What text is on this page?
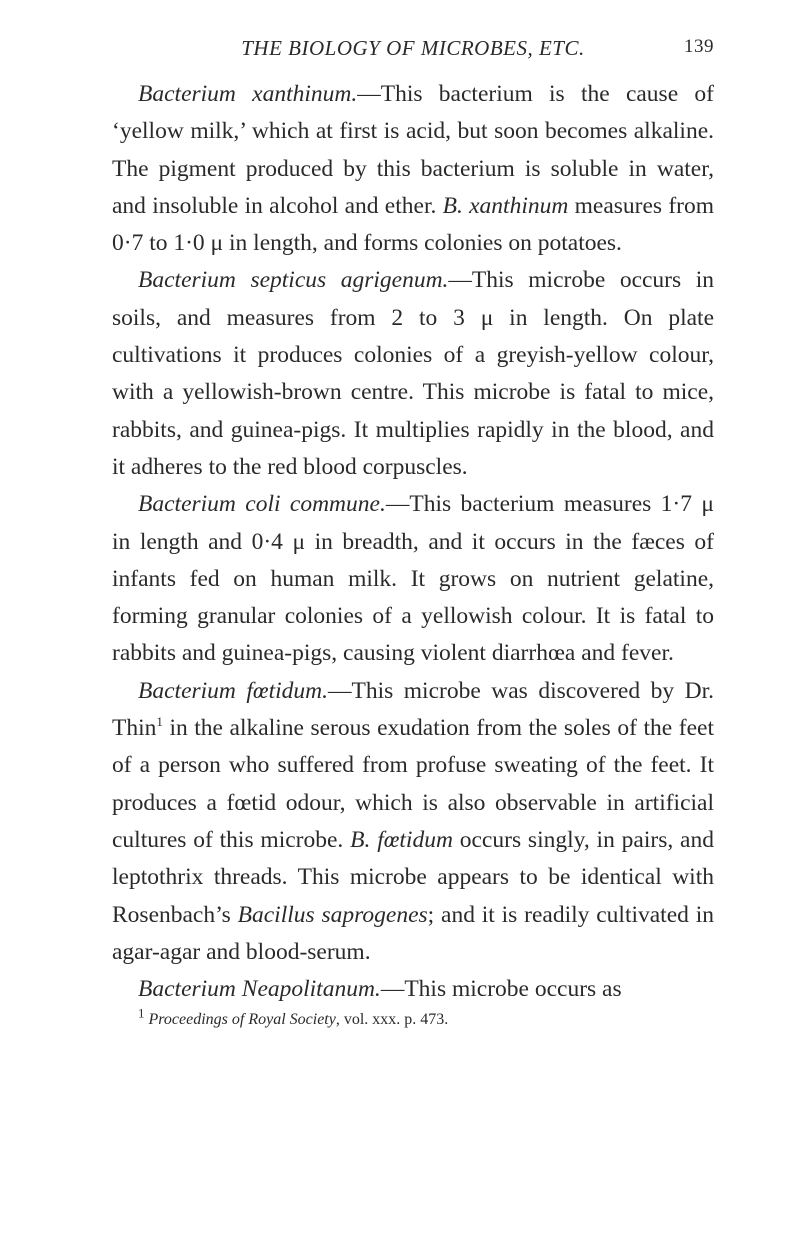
THE BIOLOGY OF MICROBES, ETC.	139

Bacterium xanthinum.—This bacterium is the cause of ‘yellow milk,’ which at first is acid, but soon becomes alkaline. The pigment produced by this bacterium is soluble in water, and insoluble in alcohol and ether. B. xanthinum measures from 0·7 to 1·0 μ in length, and forms colonies on potatoes.

Bacterium septicus agrigenum.—This microbe occurs in soils, and measures from 2 to 3 μ in length. On plate cultivations it produces colonies of a greyish-yellow colour, with a yellowish-brown centre. This microbe is fatal to mice, rabbits, and guinea-pigs. It multiplies rapidly in the blood, and it adheres to the red blood corpuscles.

Bacterium coli commune.—This bacterium measures 1·7 μ in length and 0·4 μ in breadth, and it occurs in the fæces of infants fed on human milk. It grows on nutrient gelatine, forming granular colonies of a yellowish colour. It is fatal to rabbits and guinea-pigs, causing violent diarrhœa and fever.

Bacterium fœtidum.—This microbe was discovered by Dr. Thin$^1$ in the alkaline serous exudation from the soles of the feet of a person who suffered from profuse sweating of the feet. It produces a fœtid odour, which is also observable in artificial cultures of this microbe. B. fœtidum occurs singly, in pairs, and leptothrix threads. This microbe appears to be identical with Rosenbach’s Bacillus saprogenes; and it is readily cultivated in agar-agar and blood-serum.

Bacterium Neapolitanum.—This microbe occurs as

$^1$ Proceedings of Royal Society, vol. xxx. p. 473.
